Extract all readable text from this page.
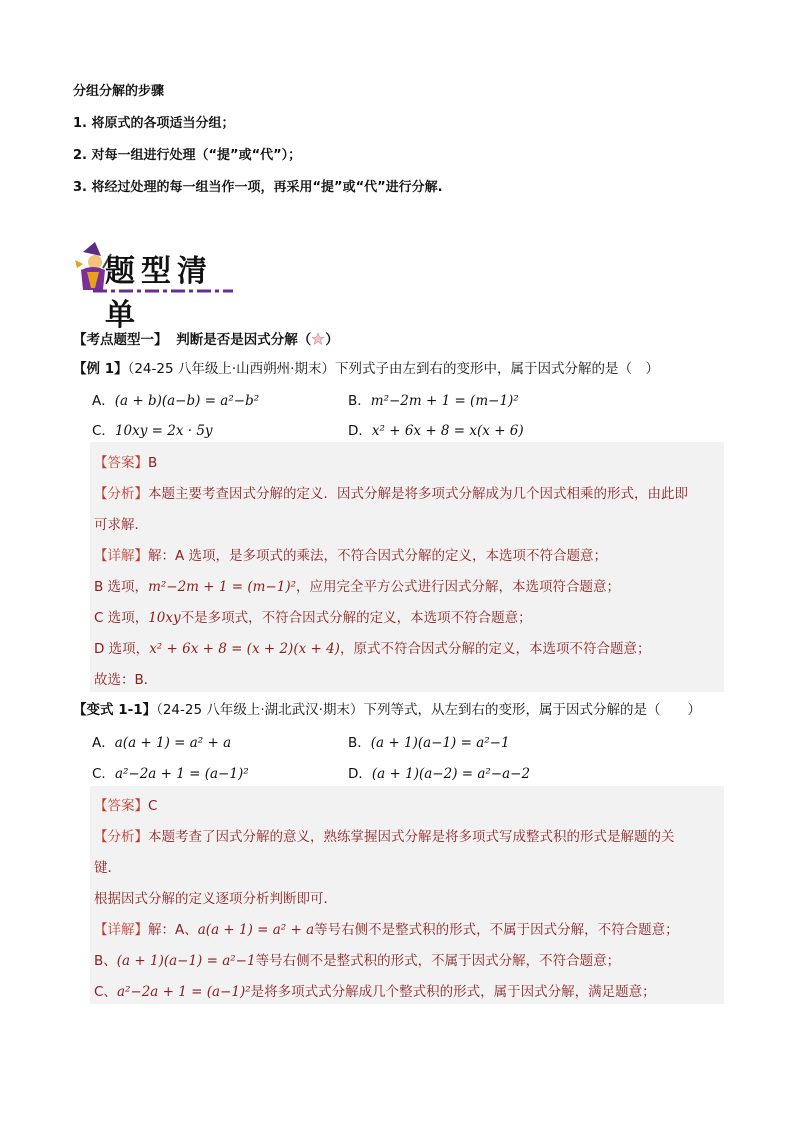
分组分解的步骤
1. 将原式的各项适当分组；
2. 对每一组进行处理（“提”或“代”）；
3. 将经过处理的每一组当作一项，再采用“提”或“代”进行分解.
题型清单
【考点题型一】 判断是否是因式分解（ ）
【例 1】（24-25 八年级上·山西朔州·期末）下列式子由左到右的变形中，属于因式分解的是（　）
A．(a + b)(a−b) = a²−b²	B．m²−2m + 1 = (m−1)²
C．10xy = 2x · 5y	D．x² + 6x + 8 = x(x + 6)
【答案】B
【分析】本题主要考查因式分解的定义．因式分解是将多项式分解成为几个因式相乘的形式，由此即
可求解．
【详解】解：A 选项，是多项式的乘法，不符合因式分解的定义，本选项不符合题意；
B 选项，m²−2m + 1 = (m−1)²，应用完全平方公式进行因式分解，本选项符合题意；
C 选项，10xy不是多项式，不符合因式分解的定义，本选项不符合题意；
D 选项，x² + 6x + 8 = (x + 2)(x + 4)，原式不符合因式分解的定义，本选项不符合题意；
故选：B．
【变式 1-1】（24-25 八年级上·湖北武汉·期末）下列等式，从左到右的变形，属于因式分解的是（　　）
A．a(a + 1) = a² + a	B．(a + 1)(a−1) = a²−1
C．a²−2a + 1 = (a−1)²	D．(a + 1)(a−2) = a²−a−2
【答案】C
【分析】本题考查了因式分解的意义，熟练掌握因式分解是将多项式写成整式积的形式是解题的关
键．
根据因式分解的定义逐项分析判断即可．
【详解】解：A、a(a + 1) = a² + a等号右侧不是整式积的形式，不属于因式分解，不符合题意；
B、(a + 1)(a−1) = a²−1等号右侧不是整式积的形式，不属于因式分解，不符合题意；
C、a²−2a + 1 = (a−1)²是将多项式式分解成几个整式积的形式，属于因式分解，满足题意；
